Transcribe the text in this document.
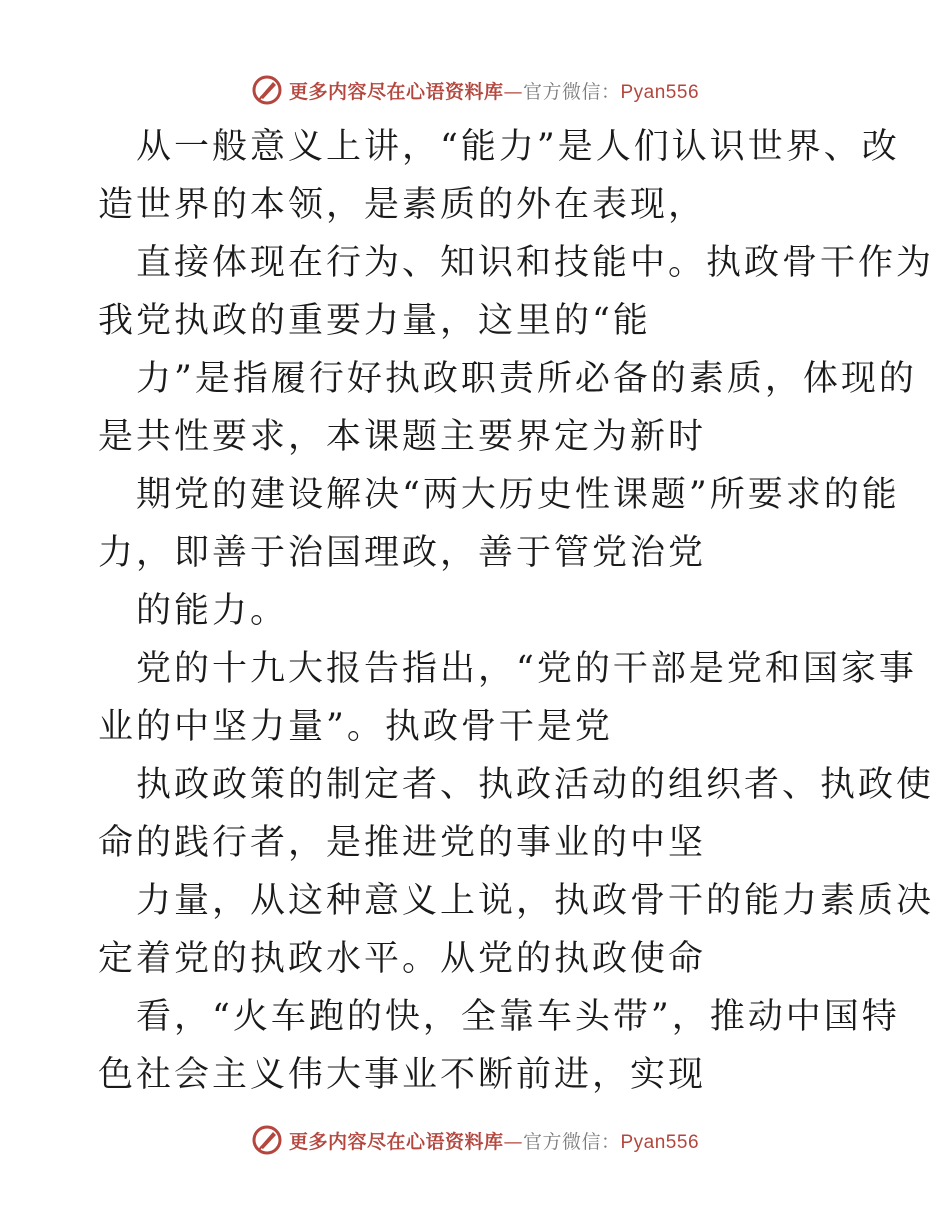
更多内容尽在心语资料库—官方微信：Pyan556
从一般意义上讲，“能力”是人们认识世界、改
造世界的本领，是素质的外在表现，
直接体现在行为、知识和技能中。执政骨干作为
我党执政的重要力量，这里的“能
力”是指履行好执政职责所必备的素质，体现的
是共性要求，本课题主要界定为新时
期党的建设解决“两大历史性课题”所要求的能
力，即善于治国理政，善于管党治党
的能力。
党的十九大报告指出，“党的干部是党和国家事
业的中坚力量”。执政骨干是党
执政政策的制定者、执政活动的组织者、执政使
命的践行者，是推进党的事业的中坚
力量，从这种意义上说，执政骨干的能力素质决
定着党的执政水平。从党的执政使命
看，“火车跑的快，全靠车头带”，推动中国特
色社会主义伟大事业不断前进，实现
更多内容尽在心语资料库—官方微信：Pyan556
